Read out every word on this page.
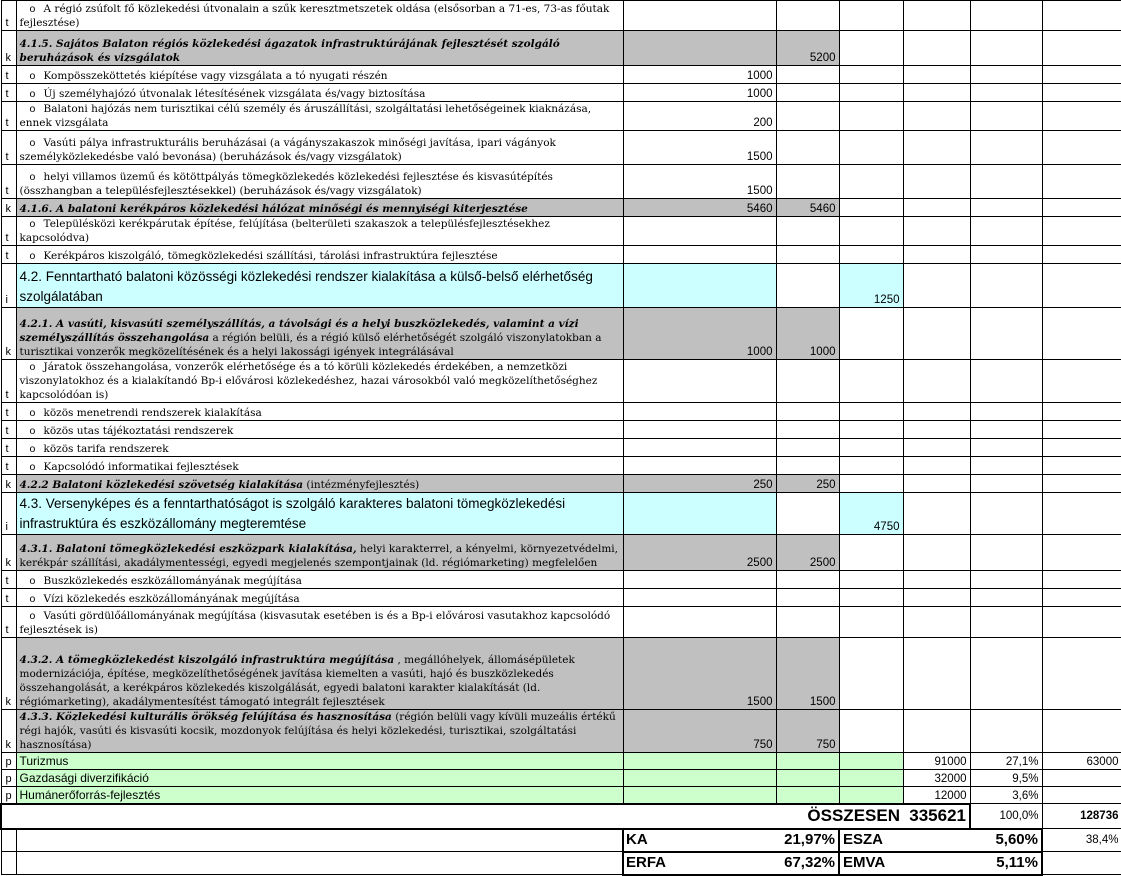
t	o A régió zsúfolt fő közlekedési útvonalain a szűk keresztmetszetek oldása (elsősorban a 71-es, 73-as főutak fejlesztése)						
k	4.1.5. Sajátos Balaton régiós közlekedési ágazatok infrastruktúrájának fejlesztését szolgáló beruházások és vizsgálatok		5200				
t	o Kompösszeköttetés kiépítése vagy vizsgálata a tó nyugati részén	1000					
t	o Új személyhajózó útvonalak létesítésének vizsgálata és/vagy biztosítása	1000					
t	o Balatoni hajózás nem turisztikai célú személy és áruszállítási, szolgáltatási lehetőségeinek kiaknázása, ennek vizsgálata	200					
t	o Vasúti pálya infrastrukturális beruházásai (a vágányszakaszok minőségi javítása, ipari vágányok személyközlekedésbe való bevonása) (beruházások és/vagy vizsgálatok)	1500					
t	o helyi villamos üzemű és kötöttpályás tömegközlekedés közlekedési fejlesztése és kisvasútépítés (összhangban a településfejlesztésekkel) (beruházások és/vagy vizsgálatok)	1500					
k	4.1.6. A balatoni kerékpáros közlekedési hálózat minőségi és mennyiségi kiterjesztése	5460	5460				
t	o Településközi kerékpárutak építése, felújítása (belterületi szakaszok a településfejlesztésekhez kapcsolódva)						
t	o Kerékpáros kiszolgáló, tömegközlekedési szállítási, tárolási infrastruktúra fejlesztése						
i	4.2. Fenntartható balatoni közösségi közlekedési rendszer kialakítása a külső-belső elérhetőség szolgálatában			1250			
k	4.2.1. A vasúti, kisvasúti személyszállítás, a távolsági és a helyi buszközlekedés, valamint a vízi személyszállítás összehangolása a régión belüli, és a régió külső elérhetőségét szolgáló viszonylatokban a turisztikai vonzerők megközelítésének és a helyi lakossági igények integrálásával	1000	1000				
t	o Járatok összehangolása, vonzerők elérhetősége és a tó körüli közlekedés érdekében, a nemzetközi viszonylatokhoz és a kialakítandó Bp-i elővárosi közlekedéshez, hazai városokból való megközelíthetőséghez kapcsolódóan is)						
t	o közös menetrendi rendszerek kialakítása						
t	o közös utas tájékoztatási rendszerek						
t	o közös tarifa rendszerek						
t	o Kapcsolódó informatikai fejlesztések						
k	4.2.2 Balatoni közlekedési szövetség kialakítása (intézményfejlesztés)	250	250				
i	4.3. Versenyképes és a fenntarthatóságot is szolgáló karakteres balatoni tömegközlekedési infrastruktúra és eszközállomány megteremtése			4750			
k	4.3.1. Balatoni tömegközlekedési eszközpark kialakítása, helyi karakterrel, a kényelmi, környezetvédelmi, kerékpár szállítási, akadálymentességi, egyedi megjelenés szempontjainak (ld. régiómarketing) megfelelően	2500	2500				
t	o Buszközlekedés eszközállományának megújítása						
t	o Vízi közlekedés eszközállományának megújítása						
t	o Vasúti gördülőállományának megújítása (kisvasutak esetében is és a Bp-i elővárosi vasutakhoz kapcsolódó fejlesztések is)						
k	4.3.2. A tömegközlekedést kiszolgáló infrastruktúra megújítása , megállóhelyek, állomásépületek modernizációja, építése, megközelíthetőségének javítása kiemelten a vasúti, hajó és buszközlekedés összehangolását, a kerékpáros közlekedés kiszolgálását, egyedi balatoni karakter kialakítását (ld. régiómarketing), akadálymentesítést támogató integrált fejlesztések	1500	1500				
k	4.3.3. Közlekedési kulturális örökség felújítása és hasznosítása (régión belüli vagy kívüli muzeális értékű régi hajók, vasúti és kisvasúti kocsik, mozdonyok felújítása és helyi közlekedési, turisztikai, szolgáltatási hasznosítása)	750	750				
p	Turizmus				91000	27,1%	63000
p	Gazdasági diverzifikáció				32000	9,5%	
p	Humánerőforrás-fejlesztés				12000	3,6%	
ÖSSZESEN					335621	100,0%	128736
		KA	21,97%	ESZA		5,60%	38,4%
		ERFA	67,32%	EMVA		5,11%	
